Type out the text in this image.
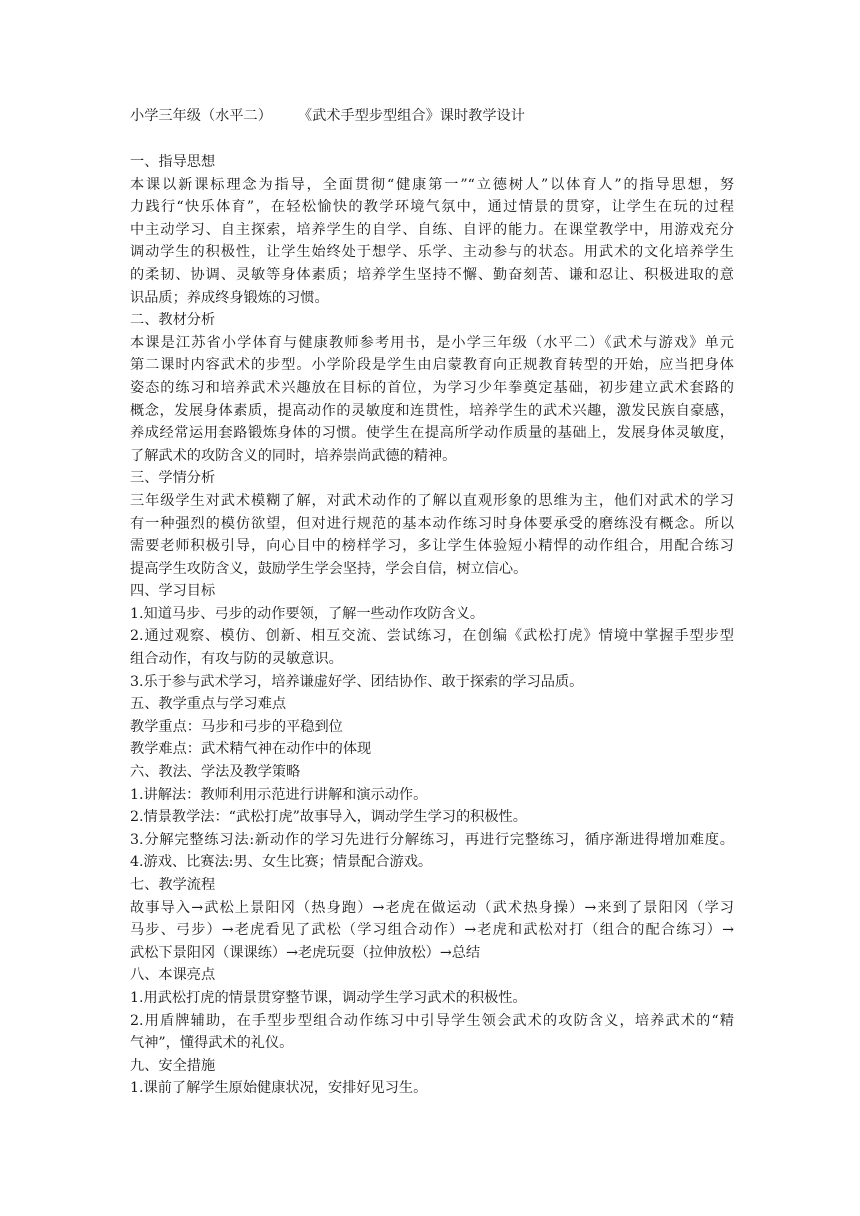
小学三年级（水平二） 《武术手型步型组合》课时教学设计
一、指导思想
本课以新课标理念为指导，全面贯彻“健康第一”“立德树人”以体育人”的指导思想，努
力践行“快乐体育”，在轻松愉快的教学环境气氛中，通过情景的贯穿，让学生在玩的过程
中主动学习、自主探索，培养学生的自学、自练、自评的能力。在课堂教学中，用游戏充分
调动学生的积极性，让学生始终处于想学、乐学、主动参与的状态。用武术的文化培养学生
的柔韧、协调、灵敏等身体素质；培养学生坚持不懈、勤奋刻苦、谦和忍让、积极进取的意
识品质；养成终身锻炼的习惯。
二、教材分析
本课是江苏省小学体育与健康教师参考用书，是小学三年级（水平二）《武术与游戏》单元
第二课时内容武术的步型。小学阶段是学生由启蒙教育向正规教育转型的开始，应当把身体
姿态的练习和培养武术兴趣放在目标的首位，为学习少年拳奠定基础，初步建立武术套路的
概念，发展身体素质，提高动作的灵敏度和连贯性，培养学生的武术兴趣，激发民族自豪感，
养成经常运用套路锻炼身体的习惯。使学生在提高所学动作质量的基础上，发展身体灵敏度，
了解武术的攻防含义的同时，培养崇尚武德的精神。
三、学情分析
三年级学生对武术模糊了解，对武术动作的了解以直观形象的思维为主，他们对武术的学习
有一种强烈的模仿欲望，但对进行规范的基本动作练习时身体要承受的磨练没有概念。所以
需要老师积极引导，向心目中的榜样学习，多让学生体验短小精悍的动作组合，用配合练习
提高学生攻防含义，鼓励学生学会坚持，学会自信，树立信心。
四、学习目标
1.知道马步、弓步的动作要领，了解一些动作攻防含义。
2.通过观察、模仿、创新、相互交流、尝试练习，在创编《武松打虎》情境中掌握手型步型
组合动作，有攻与防的灵敏意识。
3.乐于参与武术学习，培养谦虚好学、团结协作、敢于探索的学习品质。
五、教学重点与学习难点
教学重点：马步和弓步的平稳到位
教学难点：武术精气神在动作中的体现
六、教法、学法及教学策略
1.讲解法：教师利用示范进行讲解和演示动作。
2.情景教学法：“武松打虎”故事导入，调动学生学习的积极性。
3.分解完整练习法:新动作的学习先进行分解练习，再进行完整练习，循序渐进得增加难度。
4.游戏、比赛法:男、女生比赛；情景配合游戏。
七、教学流程
故事导入→武松上景阳冈（热身跑）→老虎在做运动（武术热身操）→来到了景阳冈（学习
马步、弓步）→老虎看见了武松（学习组合动作）→老虎和武松对打（组合的配合练习）→
武松下景阳冈（课课练）→老虎玩耍（拉伸放松）→总结
八、本课亮点
1.用武松打虎的情景贯穿整节课，调动学生学习武术的积极性。
2.用盾牌辅助，在手型步型组合动作练习中引导学生领会武术的攻防含义，培养武术的“精
气神”，懂得武术的礼仪。
九、安全措施
1.课前了解学生原始健康状况，安排好见习生。
